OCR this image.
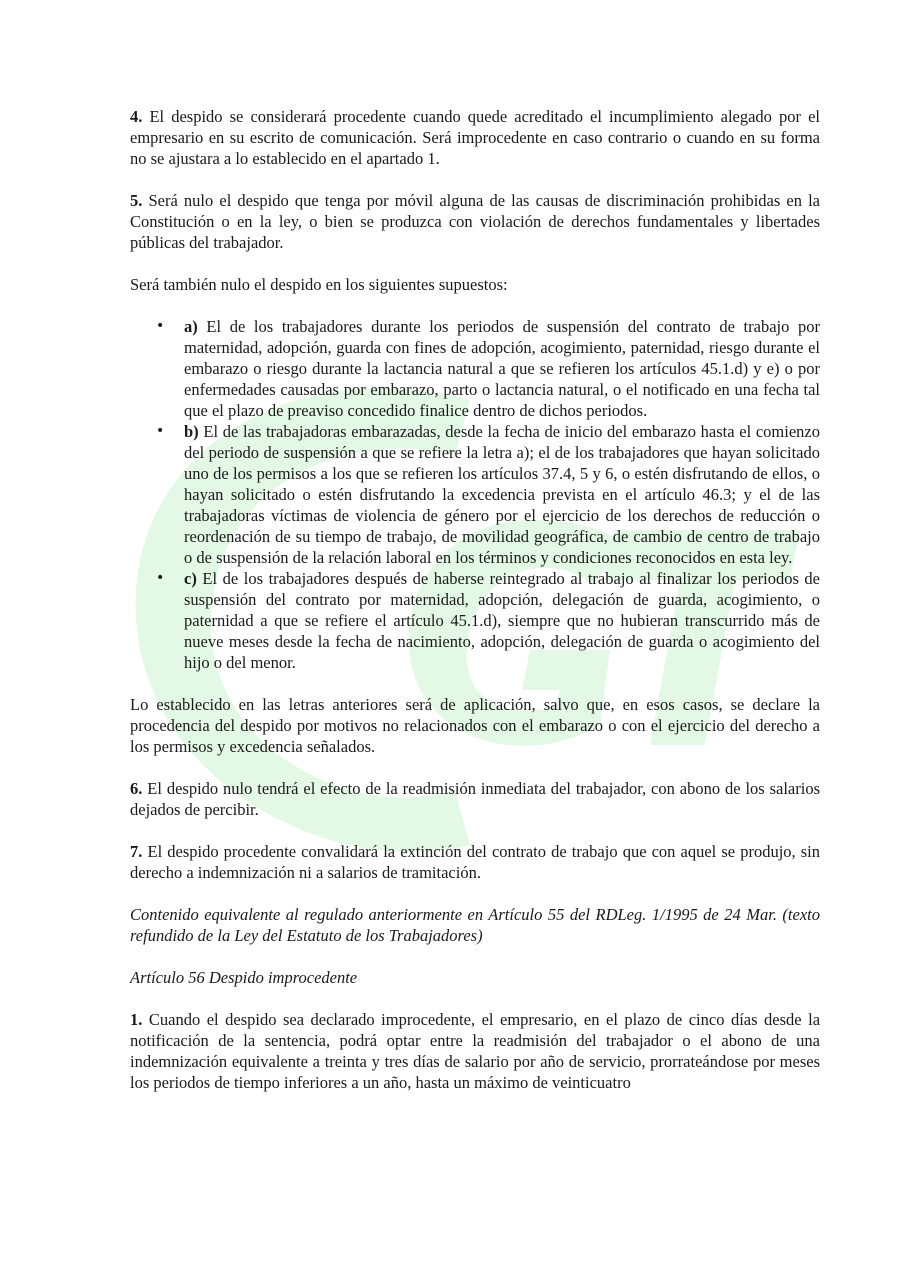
4. El despido se considerará procedente cuando quede acreditado el incumplimiento alegado por el empresario en su escrito de comunicación. Será improcedente en caso contrario o cuando en su forma no se ajustara a lo establecido en el apartado 1.

5. Será nulo el despido que tenga por móvil alguna de las causas de discriminación prohibidas en la Constitución o en la ley, o bien se produzca con violación de derechos fundamentales y libertades públicas del trabajador.

Será también nulo el despido en los siguientes supuestos:

• a) El de los trabajadores durante los periodos de suspensión del contrato de trabajo por maternidad, adopción, guarda con fines de adopción, acogimiento, paternidad, riesgo durante el embarazo o riesgo durante la lactancia natural a que se refieren los artículos 45.1.d) y e) o por enfermedades causadas por embarazo, parto o lactancia natural, o el notificado en una fecha tal que el plazo de preaviso concedido finalice dentro de dichos periodos.
• b) El de las trabajadoras embarazadas, desde la fecha de inicio del embarazo hasta el comienzo del periodo de suspensión a que se refiere la letra a); el de los trabajadores que hayan solicitado uno de los permisos a los que se refieren los artículos 37.4, 5 y 6, o estén disfrutando de ellos, o hayan solicitado o estén disfrutando la excedencia prevista en el artículo 46.3; y el de las trabajadoras víctimas de violencia de género por el ejercicio de los derechos de reducción o reordenación de su tiempo de trabajo, de movilidad geográfica, de cambio de centro de trabajo o de suspensión de la relación laboral en los términos y condiciones reconocidos en esta ley.
• c) El de los trabajadores después de haberse reintegrado al trabajo al finalizar los periodos de suspensión del contrato por maternidad, adopción, delegación de guarda, acogimiento, o paternidad a que se refiere el artículo 45.1.d), siempre que no hubieran transcurrido más de nueve meses desde la fecha de nacimiento, adopción, delegación de guarda o acogimiento del hijo o del menor.

Lo establecido en las letras anteriores será de aplicación, salvo que, en esos casos, se declare la procedencia del despido por motivos no relacionados con el embarazo o con el ejercicio del derecho a los permisos y excedencia señalados.

6. El despido nulo tendrá el efecto de la readmisión inmediata del trabajador, con abono de los salarios dejados de percibir.

7. El despido procedente convalidará la extinción del contrato de trabajo que con aquel se produjo, sin derecho a indemnización ni a salarios de tramitación.

Contenido equivalente al regulado anteriormente en Artículo 55 del RDLeg. 1/1995 de 24 Mar. (texto refundido de la Ley del Estatuto de los Trabajadores)

Artículo 56 Despido improcedente

1. Cuando el despido sea declarado improcedente, el empresario, en el plazo de cinco días desde la notificación de la sentencia, podrá optar entre la readmisión del trabajador o el abono de una indemnización equivalente a treinta y tres días de salario por año de servicio, prorrateándose por meses los periodos de tiempo inferiores a un año, hasta un máximo de veinticuatro
